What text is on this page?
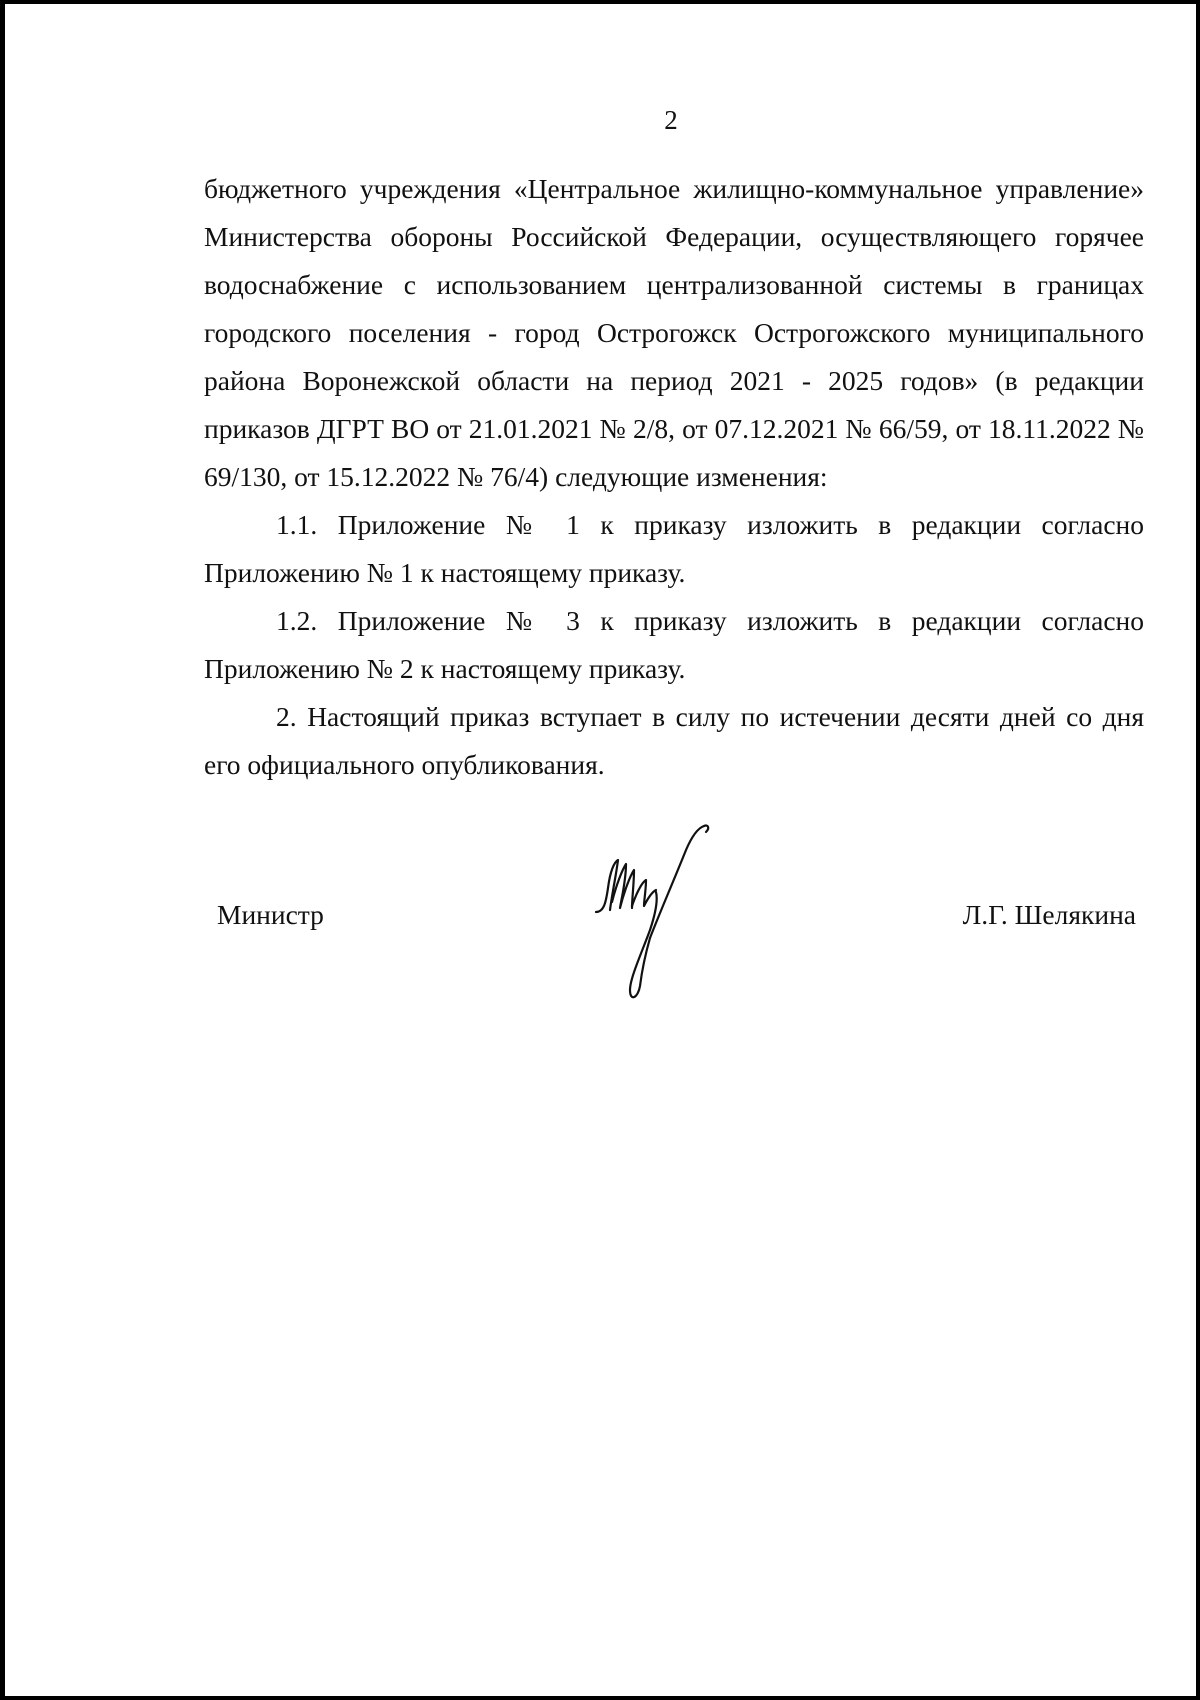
2

бюджетного учреждения «Центральное жилищно-коммунальное управление» Министерства обороны Российской Федерации, осуществляющего горячее водоснабжение с использованием централизованной системы в границах городского поселения - город Острогожск Острогожского муниципального района Воронежской области на период 2021 - 2025 годов» (в редакции приказов ДГРТ ВО от 21.01.2021 № 2/8, от 07.12.2021 № 66/59, от 18.11.2022 № 69/130, от 15.12.2022 № 76/4) следующие изменения:

1.1. Приложение № 1 к приказу изложить в редакции согласно Приложению № 1 к настоящему приказу.

1.2. Приложение № 3 к приказу изложить в редакции согласно Приложению № 2 к настоящему приказу.

2. Настоящий приказ вступает в силу по истечении десяти дней со дня его официального опубликования.

Министр	Л.Г. Шелякина
